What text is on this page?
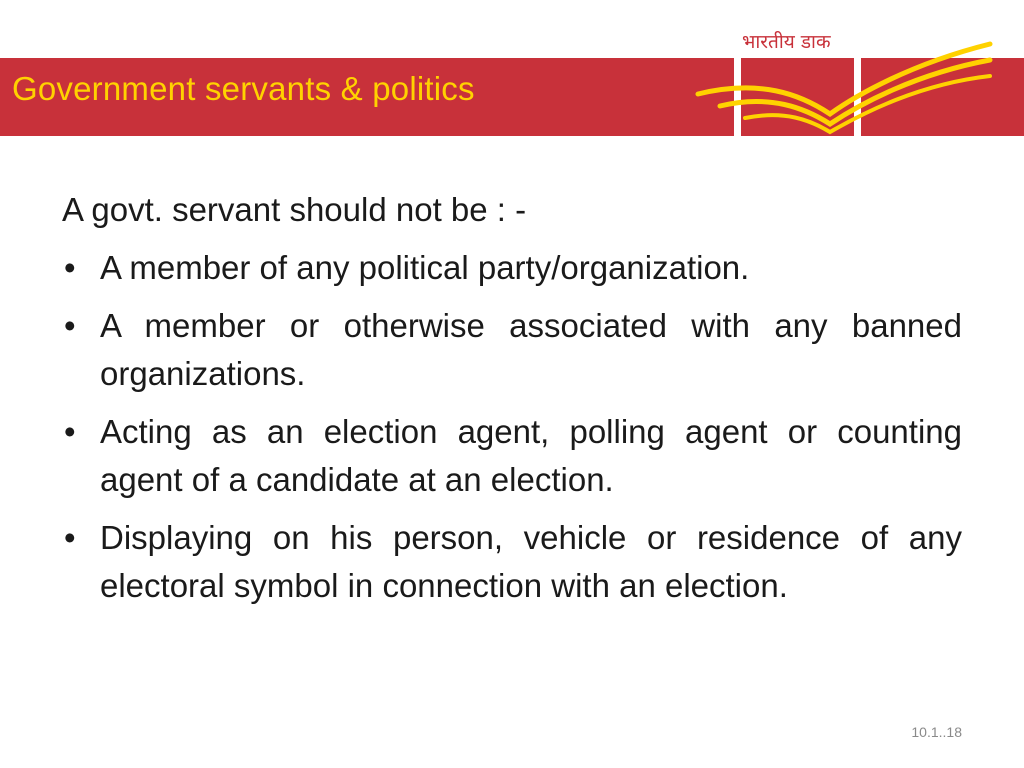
Government servants & politics
भारतीय डाक
A govt. servant should not be : -
• A member of any political party/organization.
• A member or otherwise associated with any banned organizations.
• Acting as an election agent, polling agent or counting agent of a candidate at an election.
• Displaying on his person, vehicle or residence of any electoral symbol in connection with an election.
10.1..18
